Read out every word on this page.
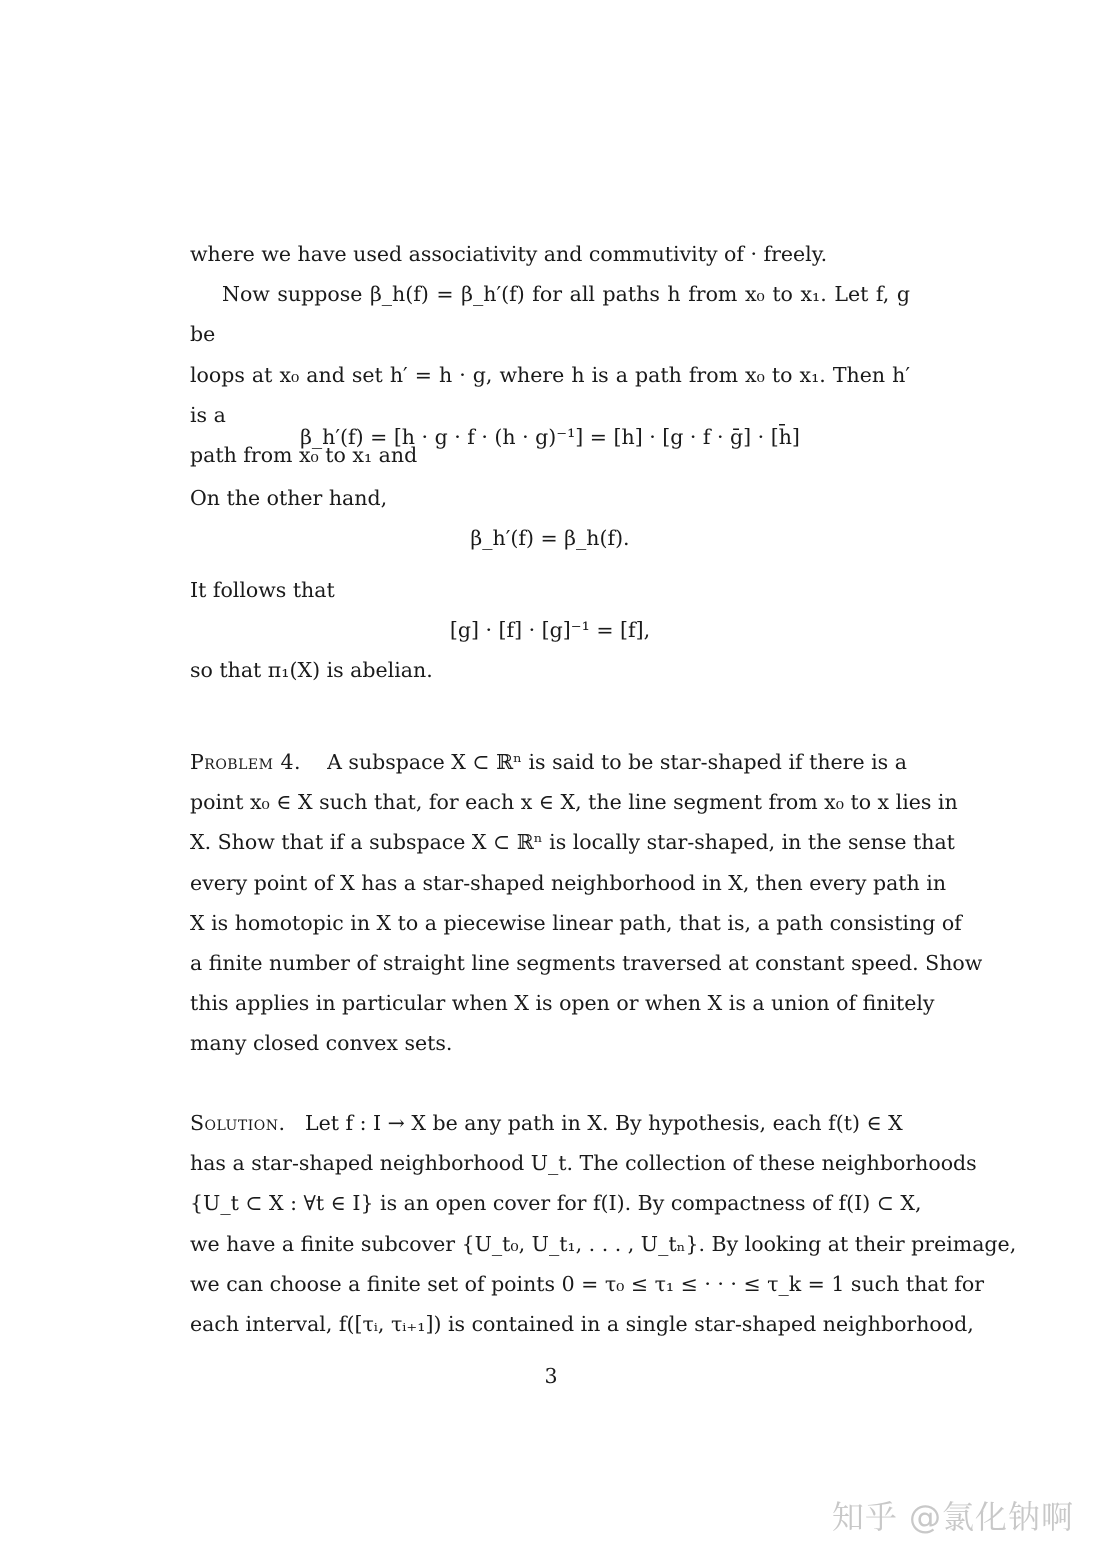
where we have used associativity and commutivity of · freely.

Now suppose β_h(f) = β_h′(f) for all paths h from x₀ to x₁. Let f, g be

loops at x₀ and set h′ = h · g, where h is a path from x₀ to x₁. Then h′ is a

path from x₀ to x₁ and

β_h′(f) = [h · g · f · (h · g)⁻¹] = [h] · [g · f · ḡ] · [h̄]

On the other hand,

β_h′(f) = β_h(f).

It follows that

[g] · [f] · [g]⁻¹ = [f],

so that π₁(X) is abelian.

Problem 4. A subspace X ⊂ ℝⁿ is said to be star-shaped if there is a
point x₀ ∈ X such that, for each x ∈ X, the line segment from x₀ to x lies in
X. Show that if a subspace X ⊂ ℝⁿ is locally star-shaped, in the sense that
every point of X has a star-shaped neighborhood in X, then every path in
X is homotopic in X to a piecewise linear path, that is, a path consisting of
a finite number of straight line segments traversed at constant speed. Show
this applies in particular when X is open or when X is a union of finitely
many closed convex sets.
Solution. Let f : I → X be any path in X. By hypothesis, each f(t) ∈ X
has a star-shaped neighborhood U_t. The collection of these neighborhoods
{U_t ⊂ X : ∀t ∈ I} is an open cover for f(I). By compactness of f(I) ⊂ X,
we have a finite subcover {U_t₀, U_t₁, . . . , U_tₙ}. By looking at their preimage,
we can choose a finite set of points 0 = τ₀ ≤ τ₁ ≤ · · · ≤ τ_k = 1 such that for
each interval, f([τᵢ, τᵢ₊₁]) is contained in a single star-shaped neighborhood,
3
知乎 @氯化钠啊
